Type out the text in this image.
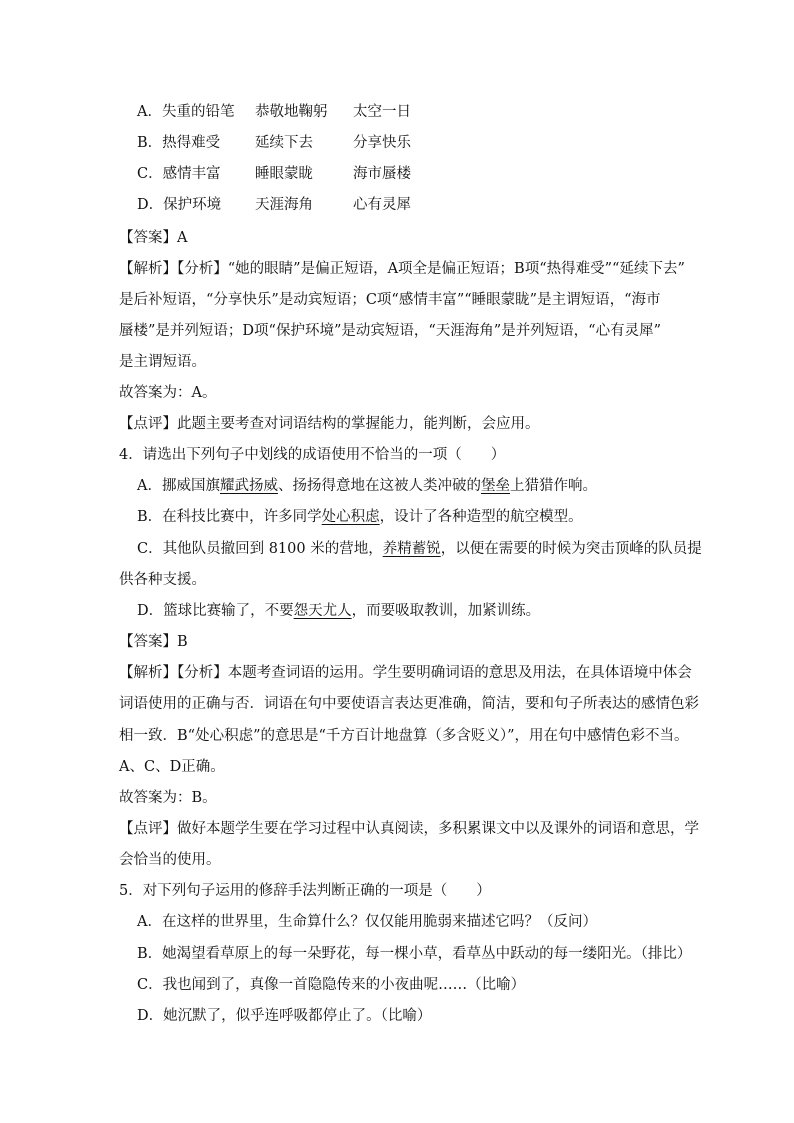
A．失重的铅笔 恭敬地鞠躬 太空一日
B．热得难受 延续下去	分享快乐
C．感情丰富 睡眼蒙眬	海市蜃楼
D．保护环境 天涯海角	心有灵犀
【答案】A
【解析】【分析】“她的眼睛”是偏正短语，A项全是偏正短语；B项“热得难受”“延续下去”
是后补短语，“分享快乐”是动宾短语；C项“感情丰富”“睡眼蒙眬”是主谓短语，“海市
蜃楼”是并列短语；D项“保护环境”是动宾短语，“天涯海角”是并列短语，“心有灵犀”
是主谓短语。
故答案为：A。
【点评】此题主要考查对词语结构的掌握能力，能判断，会应用。
4．请选出下列句子中划线的成语使用不恰当的一项（　　）
A．挪威国旗耀武扬威、扬扬得意地在这被人类冲破的堡垒上猎猎作响。
B．在科技比赛中，许多同学处心积虑，设计了各种造型的航空模型。
C．其他队员撤回到 8100 米的营地，养精蓄锐，以便在需要的时候为突击顶峰的队员提
供各种支援。
D．篮球比赛输了，不要怨天尤人，而要吸取教训，加紧训练。
【答案】B
【解析】【分析】本题考查词语的运用。学生要明确词语的意思及用法，在具体语境中体会
词语使用的正确与否．词语在句中要使语言表达更准确，简洁，要和句子所表达的感情色彩
相一致．B“处心积虑”的意思是“千方百计地盘算（多含贬义）”，用在句中感情色彩不当。
A、C、D正确。
故答案为：B。
【点评】做好本题学生要在学习过程中认真阅读，多积累课文中以及课外的词语和意思，学
会恰当的使用。
5．对下列句子运用的修辞手法判断正确的一项是（　　）
A．在这样的世界里，生命算什么？仅仅能用脆弱来描述它吗？（反问）
B．她渴望看草原上的每一朵野花，每一棵小草，看草丛中跃动的每一缕阳光。（排比）
C．我也闻到了，真像一首隐隐传来的小夜曲呢……（比喻）
D．她沉默了，似乎连呼吸都停止了。（比喻）
